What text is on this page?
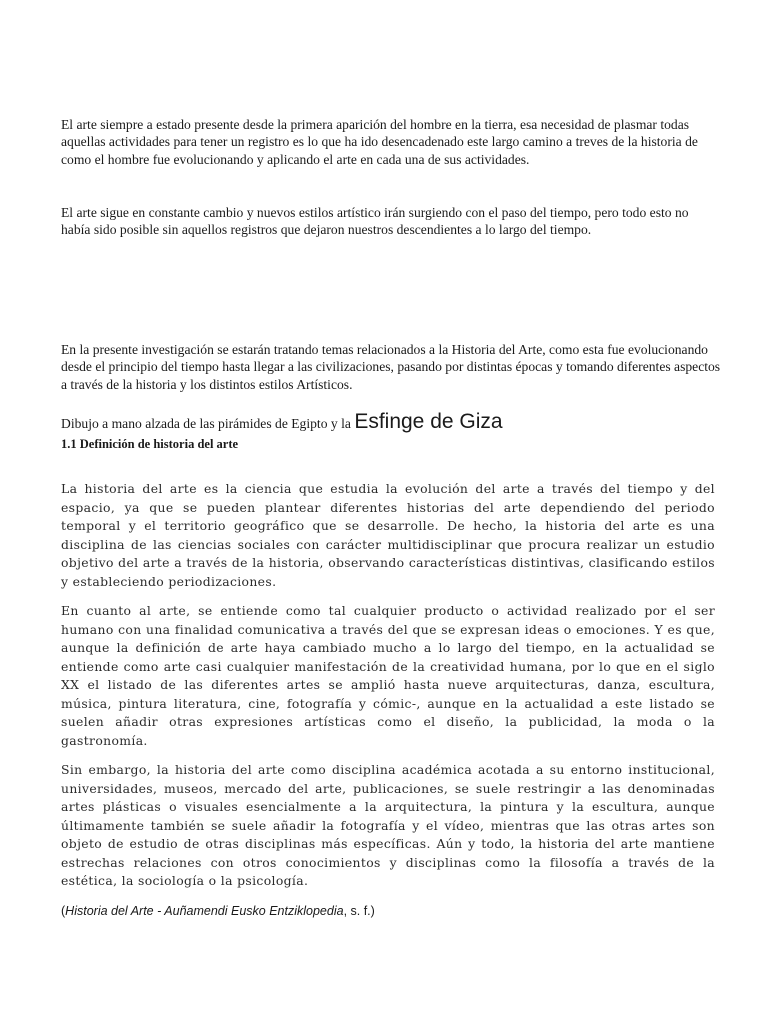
El arte siempre a estado presente desde la primera aparición del hombre en la tierra, esa necesidad de plasmar todas aquellas actividades para tener un registro es lo que ha ido desencadenado este largo camino a treves de la historia de como el hombre fue evolucionando y aplicando el arte en cada una de sus actividades.

El arte sigue en constante cambio y nuevos estilos artístico irán surgiendo con el paso del tiempo, pero todo esto no había sido posible sin aquellos registros que dejaron nuestros descendientes a lo largo del tiempo.

En la presente investigación se estarán tratando temas relacionados a la Historia del Arte, como esta fue evolucionando desde el principio del tiempo hasta llegar a las civilizaciones, pasando por distintas épocas y tomando diferentes aspectos a través de la historia y los distintos estilos Artísticos.

Dibujo a mano alzada de las pirámides de Egipto y la Esfinge de Giza
1.1 Definición de historia del arte

La historia del arte es la ciencia que estudia la evolución del arte a través del tiempo y del espacio, ya que se pueden plantear diferentes historias del arte dependiendo del periodo temporal y el territorio geográfico que se desarrolle. De hecho, la historia del arte es una disciplina de las ciencias sociales con carácter multidisciplinar que procura realizar un estudio objetivo del arte a través de la historia, observando características distintivas, clasificando estilos y estableciendo periodizaciones.

En cuanto al arte, se entiende como tal cualquier producto o actividad realizado por el ser humano con una finalidad comunicativa a través del que se expresan ideas o emociones. Y es que, aunque la definición de arte haya cambiado mucho a lo largo del tiempo, en la actualidad se entiende como arte casi cualquier manifestación de la creatividad humana, por lo que en el siglo XX el listado de las diferentes artes se amplió hasta nueve arquitecturas, danza, escultura, música, pintura literatura, cine, fotografía y cómic-, aunque en la actualidad a este listado se suelen añadir otras expresiones artísticas como el diseño, la publicidad, la moda o la gastronomía.

Sin embargo, la historia del arte como disciplina académica acotada a su entorno institucional, universidades, museos, mercado del arte, publicaciones, se suele restringir a las denominadas artes plásticas o visuales esencialmente a la arquitectura, la pintura y la escultura, aunque últimamente también se suele añadir la fotografía y el vídeo, mientras que las otras artes son objeto de estudio de otras disciplinas más específicas. Aún y todo, la historia del arte mantiene estrechas relaciones con otros conocimientos y disciplinas como la filosofía a través de la estética, la sociología o la psicología.

(Historia del Arte - Auñamendi Eusko Entziklopedia, s. f.)
